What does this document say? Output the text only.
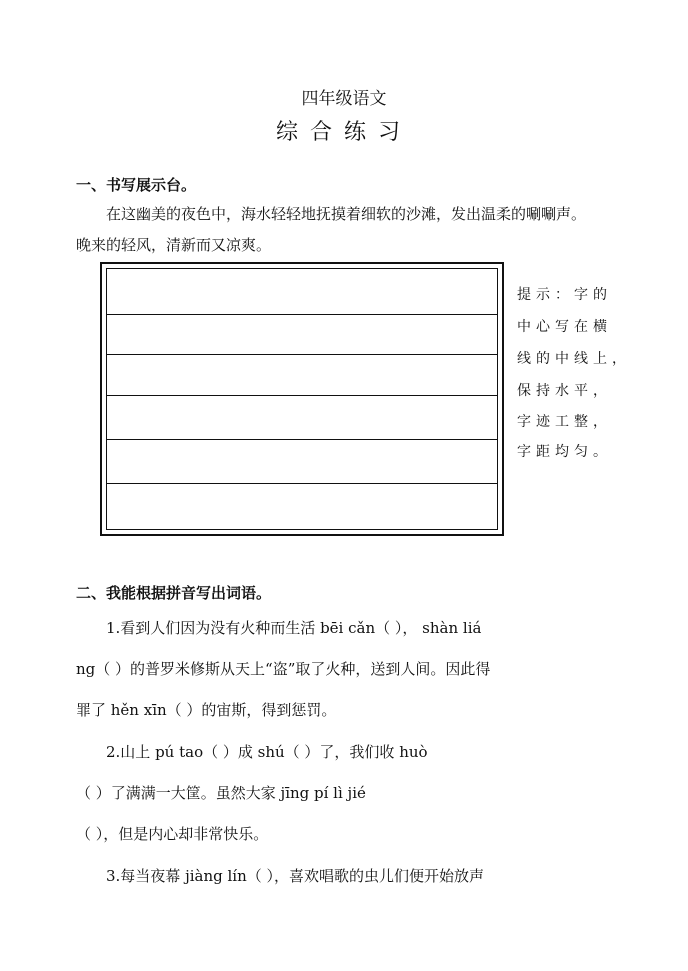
四年级语文
综合练习
一、书写展示台。
在这幽美的夜色中，海水轻轻地抚摸着细软的沙滩，发出温柔的唰唰声。
晚来的轻风，清新而又凉爽。
提示：字的
中心写在横
线的中线上，
保持水平，
字迹工整，
字距均匀。
二、我能根据拼音写出词语。
1.看到人们因为没有火种而生活 bēi cǎn（ ）， shàn liá
ng（ ）的普罗米修斯从天上“盗”取了火种，送到人间。因此得
罪了 hěn xīn（ ）的宙斯，得到惩罚。
2.山上 pú tao（ ）成 shú（ ）了，我们收 huò
（ ）了满满一大筐。虽然大家 jīng pí lì jié
（ ），但是内心却非常快乐。
3.每当夜幕 jiàng lín（ ），喜欢唱歌的虫儿们便开始放声
